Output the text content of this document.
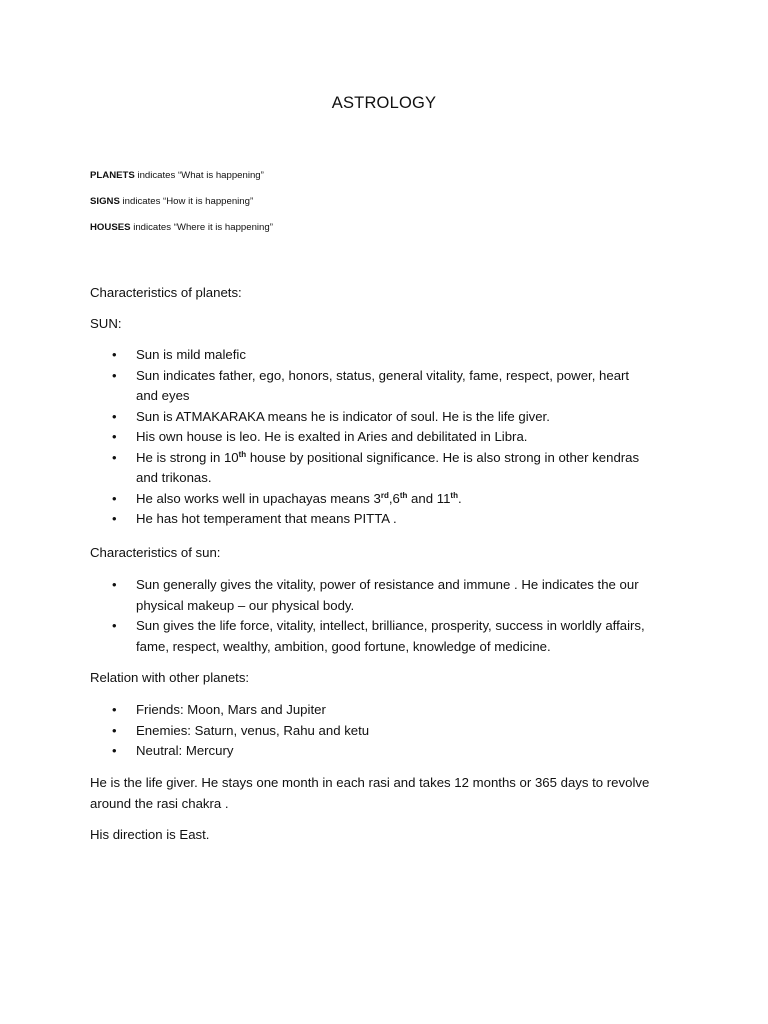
ASTROLOGY
PLANETS indicates “What is happening”
SIGNS indicates “How it is happening”
HOUSES indicates “Where it is happening”
Characteristics of planets:
SUN:
• Sun is mild malefic
• Sun indicates father, ego, honors, status, general vitality, fame, respect, power, heart and eyes
• Sun is ATMAKARAKA means he is indicator of soul. He is the life giver.
• His own house is leo. He is exalted in Aries and debilitated in Libra.
• He is strong in 10th house by positional significance. He is also strong in other kendras and trikonas.
• He also works well in upachayas means 3rd,6th and 11th.
• He has hot temperament that means PITTA .
Characteristics of sun:
• Sun generally gives the vitality, power of resistance and immune . He indicates the our physical makeup – our physical body.
• Sun gives the life force, vitality, intellect, brilliance, prosperity, success in worldly affairs, fame, respect, wealthy, ambition, good fortune, knowledge of medicine.
Relation with other planets:
• Friends: Moon, Mars and Jupiter
• Enemies: Saturn, venus, Rahu and ketu
• Neutral: Mercury
He is the life giver. He stays one month in each rasi and takes 12 months or 365 days to revolve
around the rasi chakra .
His direction is East.
